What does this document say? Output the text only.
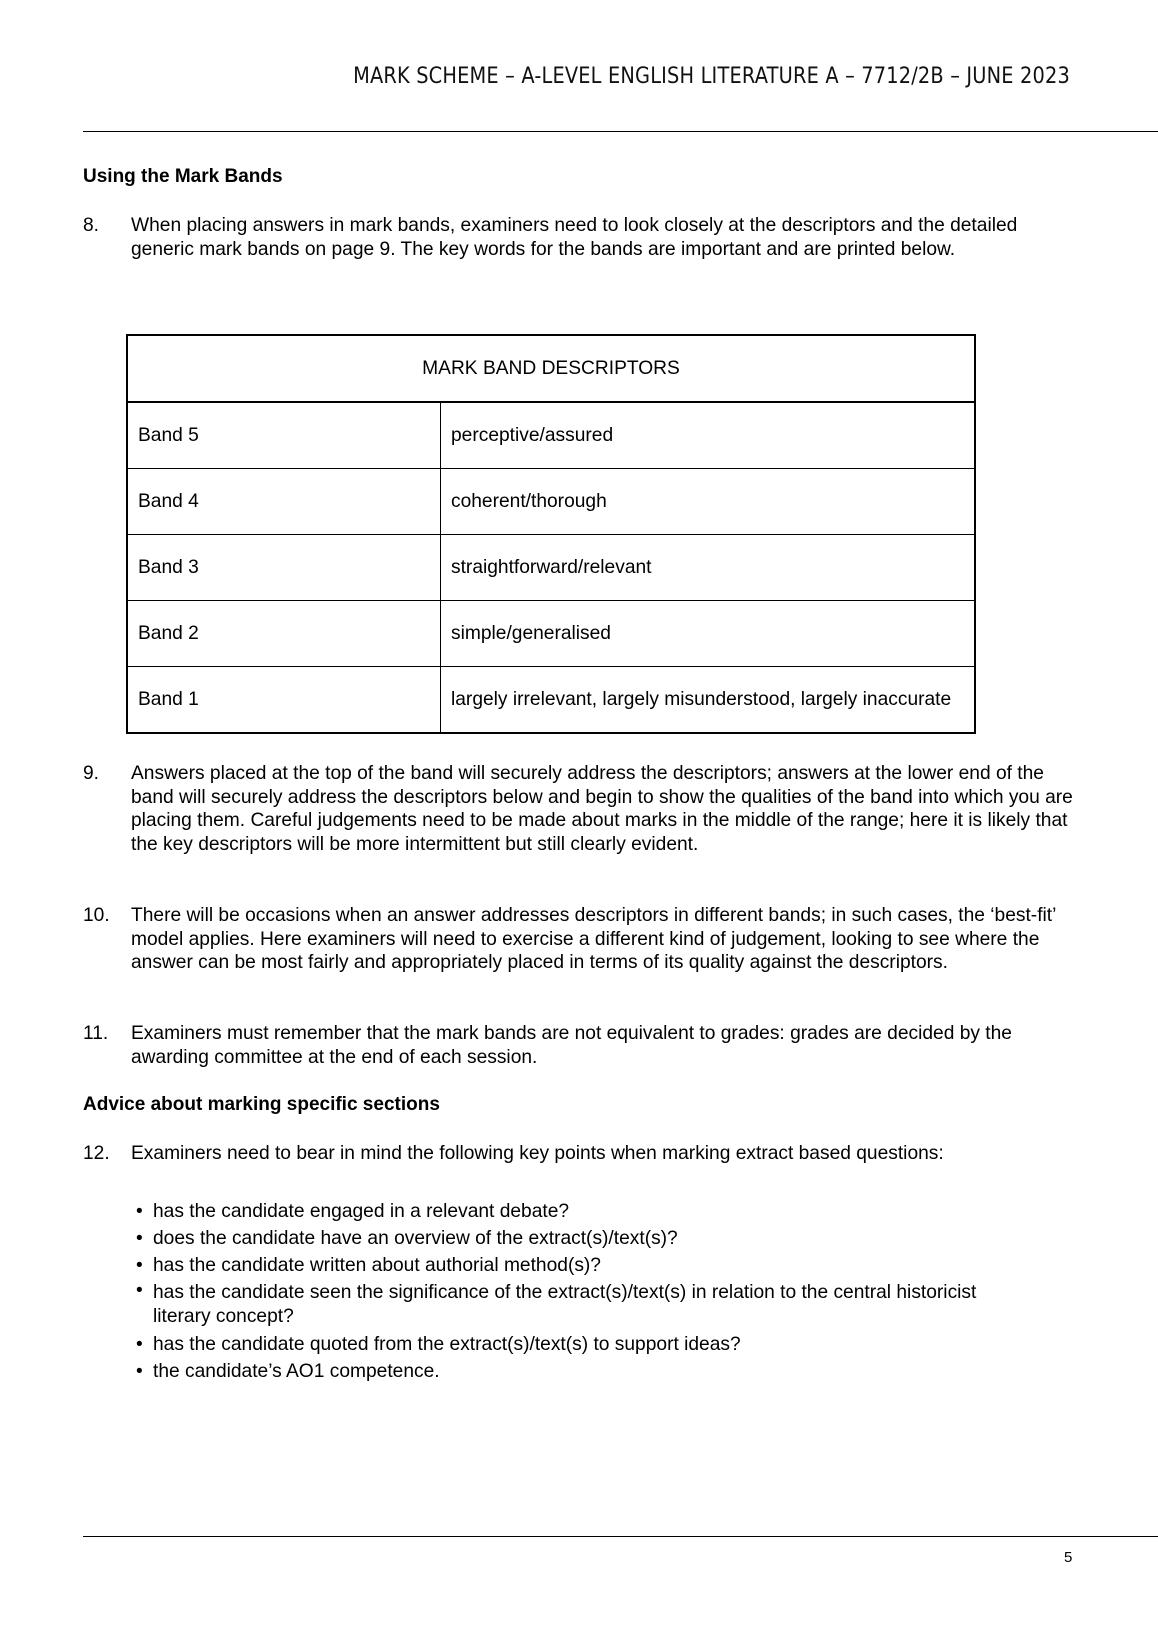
MARK SCHEME – A-LEVEL ENGLISH LITERATURE A – 7712/2B – JUNE 2023
Using the Mark Bands
8. When placing answers in mark bands, examiners need to look closely at the descriptors and the detailed generic mark bands on page 9. The key words for the bands are important and are printed below.
MARK BAND DESCRIPTORS	
Band 5	perceptive/assured
Band 4	coherent/thorough
Band 3	straightforward/relevant
Band 2	simple/generalised
Band 1	largely irrelevant, largely misunderstood, largely inaccurate
9. Answers placed at the top of the band will securely address the descriptors; answers at the lower end of the band will securely address the descriptors below and begin to show the qualities of the band into which you are placing them. Careful judgements need to be made about marks in the middle of the range; here it is likely that the key descriptors will be more intermittent but still clearly evident.
10. There will be occasions when an answer addresses descriptors in different bands; in such cases, the ‘best-fit’ model applies. Here examiners will need to exercise a different kind of judgement, looking to see where the answer can be most fairly and appropriately placed in terms of its quality against the descriptors.
11. Examiners must remember that the mark bands are not equivalent to grades: grades are decided by the awarding committee at the end of each session.
Advice about marking specific sections
12. Examiners need to bear in mind the following key points when marking extract based questions:
• has the candidate engaged in a relevant debate?
• does the candidate have an overview of the extract(s)/text(s)?
• has the candidate written about authorial method(s)?
• has the candidate seen the significance of the extract(s)/text(s) in relation to the central historicist literary concept?
• has the candidate quoted from the extract(s)/text(s) to support ideas?
• the candidate’s AO1 competence.
5
